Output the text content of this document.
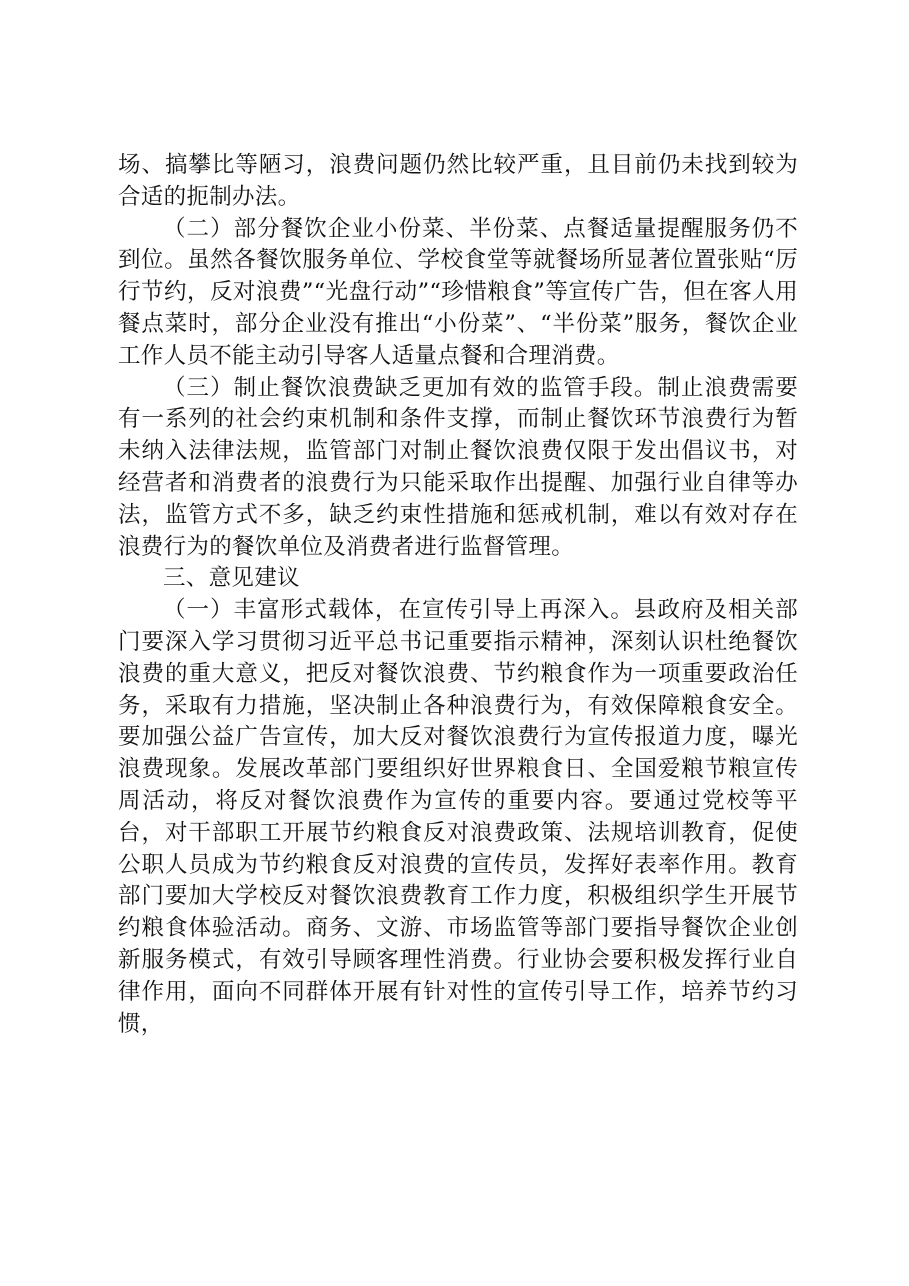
场、搞攀比等陋习，浪费问题仍然比较严重，且目前仍未找到较为合适的扼制办法。

（二）部分餐饮企业小份菜、半份菜、点餐适量提醒服务仍不到位。虽然各餐饮服务单位、学校食堂等就餐场所显著位置张贴“厉行节约，反对浪费”“光盘行动”“珍惜粮食”等宣传广告，但在客人用餐点菜时，部分企业没有推出“小份菜”、“半份菜”服务，餐饮企业工作人员不能主动引导客人适量点餐和合理消费。

（三）制止餐饮浪费缺乏更加有效的监管手段。制止浪费需要有一系列的社会约束机制和条件支撑，而制止餐饮环节浪费行为暂未纳入法律法规，监管部门对制止餐饮浪费仅限于发出倡议书，对经营者和消费者的浪费行为只能采取作出提醒、加强行业自律等办法，监管方式不多，缺乏约束性措施和惩戒机制，难以有效对存在浪费行为的餐饮单位及消费者进行监督管理。

三、意见建议

（一）丰富形式载体，在宣传引导上再深入。县政府及相关部门要深入学习贯彻习近平总书记重要指示精神，深刻认识杜绝餐饮浪费的重大意义，把反对餐饮浪费、节约粮食作为一项重要政治任务，采取有力措施，坚决制止各种浪费行为，有效保障粮食安全。要加强公益广告宣传，加大反对餐饮浪费行为宣传报道力度，曝光浪费现象。发展改革部门要组织好世界粮食日、全国爱粮节粮宣传周活动，将反对餐饮浪费作为宣传的重要内容。要通过党校等平台，对干部职工开展节约粮食反对浪费政策、法规培训教育，促使公职人员成为节约粮食反对浪费的宣传员，发挥好表率作用。教育部门要加大学校反对餐饮浪费教育工作力度，积极组织学生开展节约粮食体验活动。商务、文游、市场监管等部门要指导餐饮企业创新服务模式，有效引导顾客理性消费。行业协会要积极发挥行业自律作用，面向不同群体开展有针对性的宣传引导工作，培养节约习惯，
